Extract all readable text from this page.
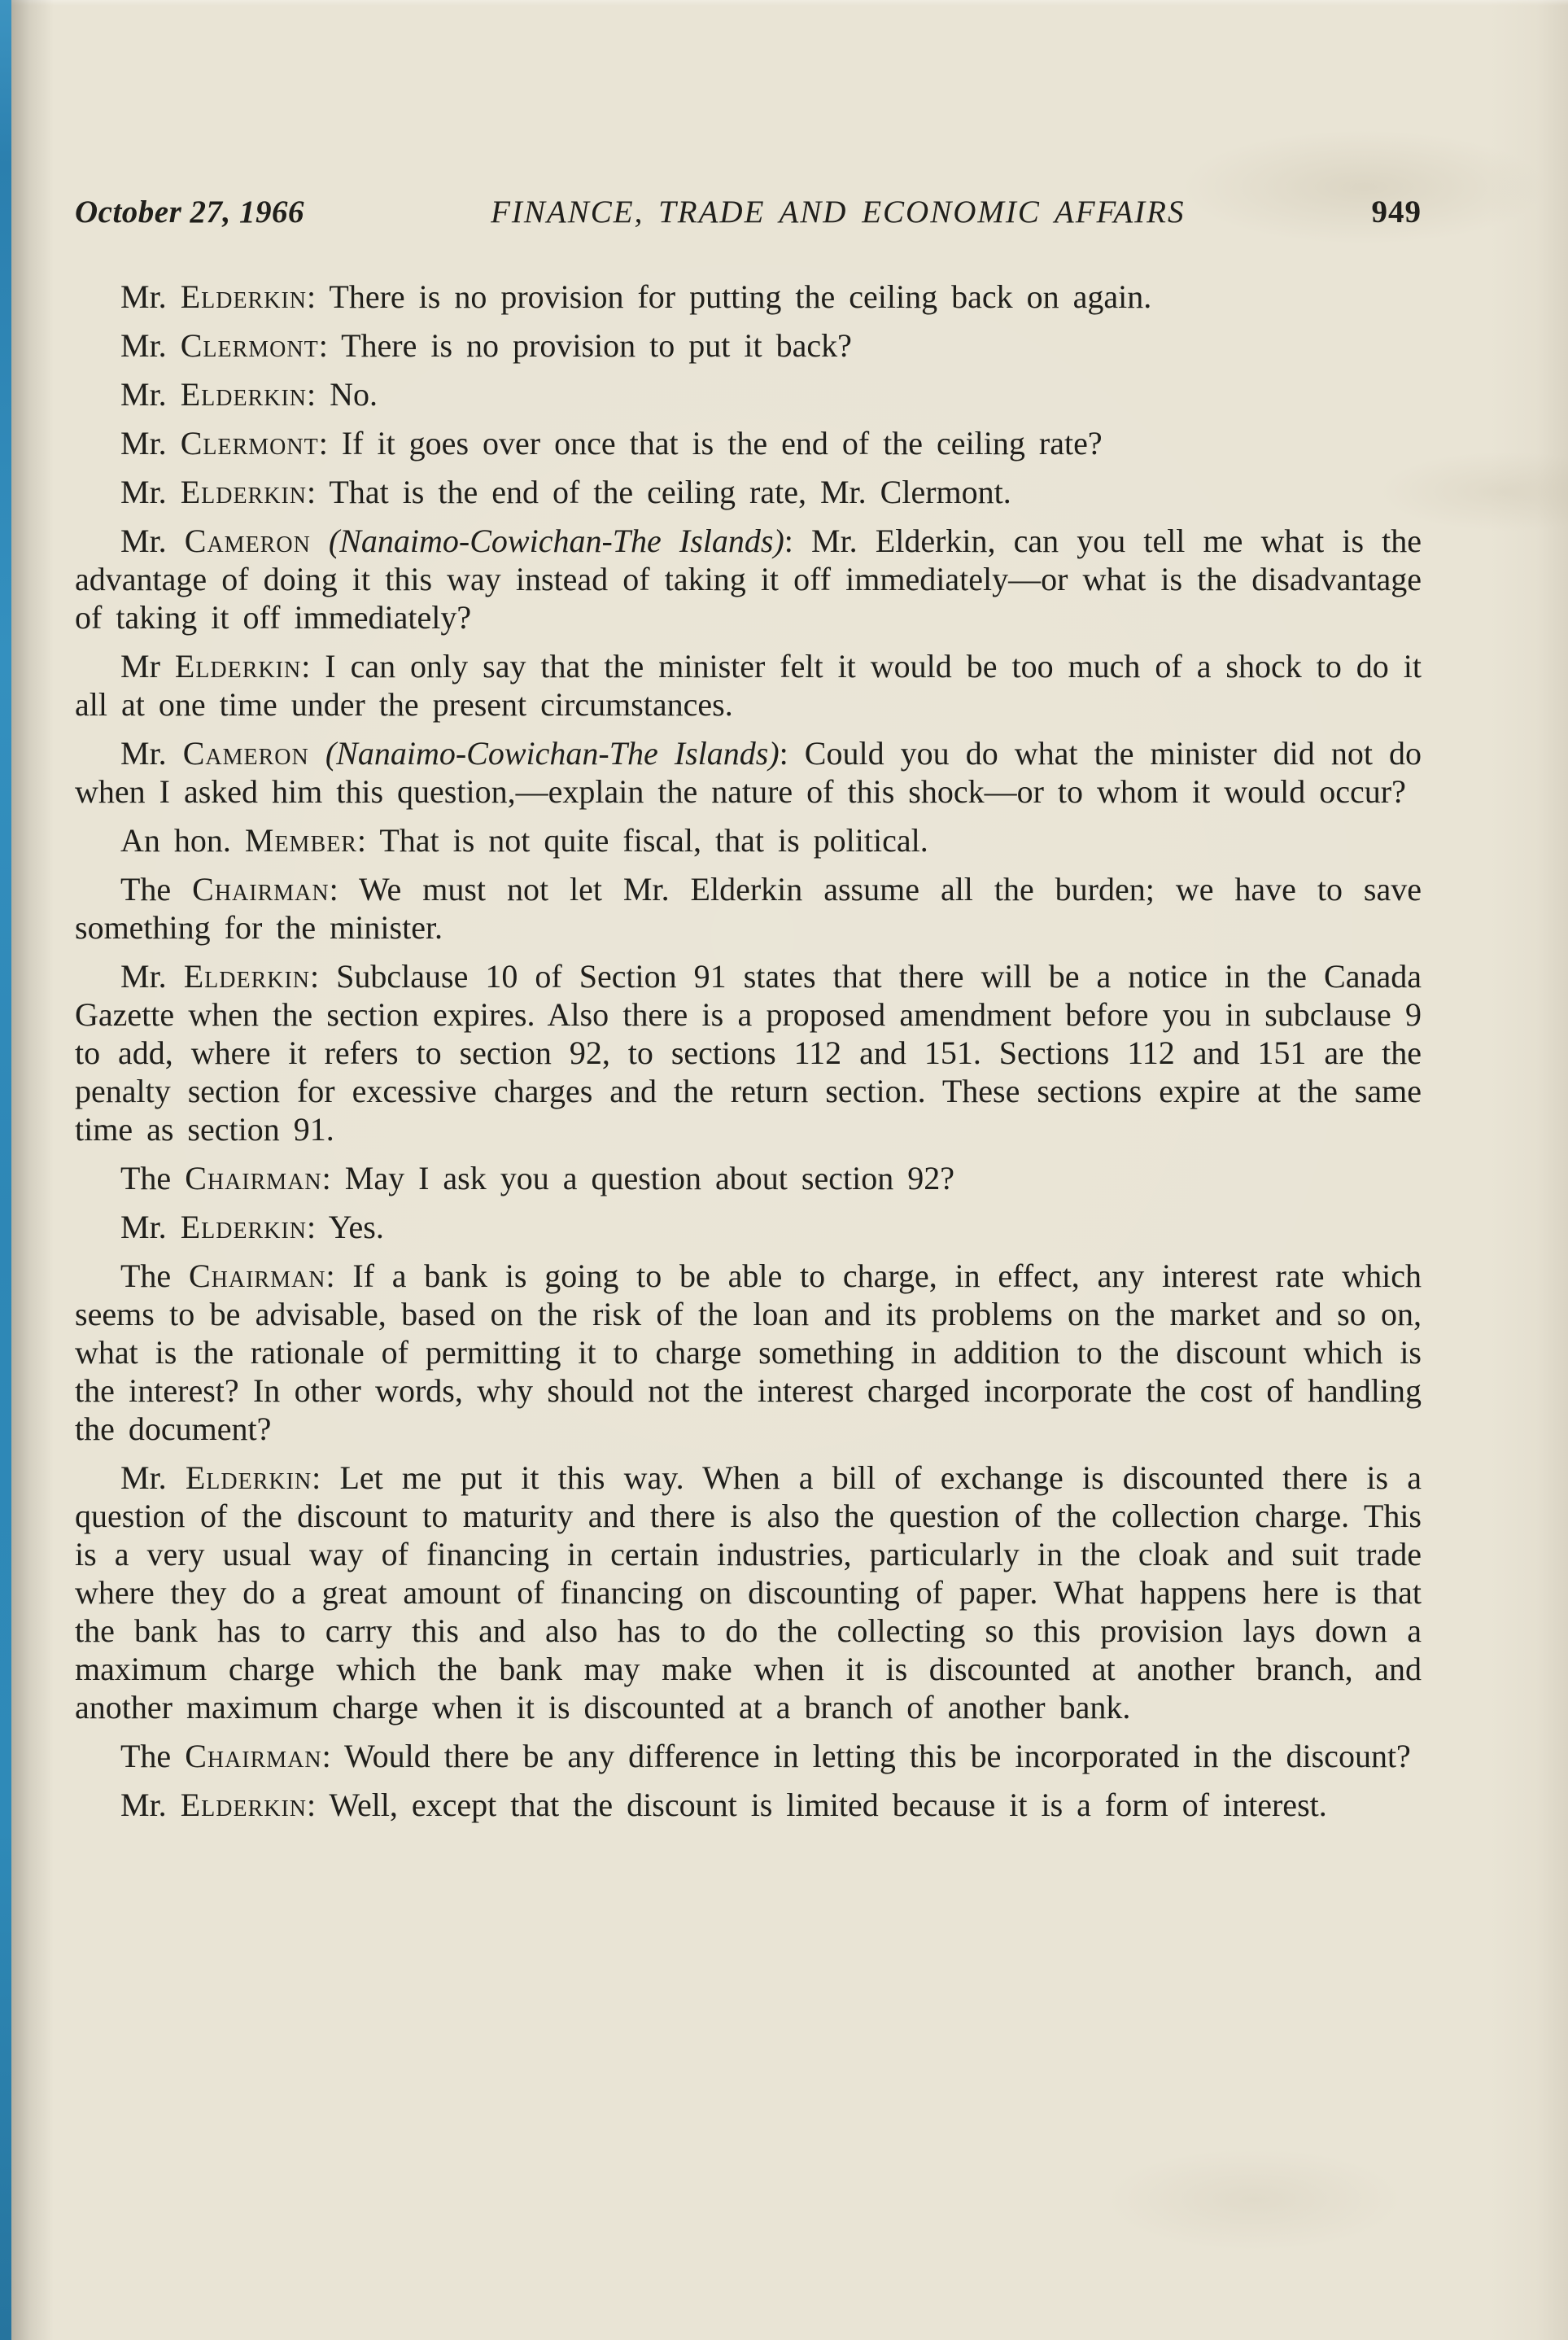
October 27, 1966	FINANCE, TRADE AND ECONOMIC AFFAIRS	949

Mr. Elderkin: There is no provision for putting the ceiling back on again.

Mr. Clermont: There is no provision to put it back?

Mr. Elderkin: No.

Mr. Clermont: If it goes over once that is the end of the ceiling rate?

Mr. Elderkin: That is the end of the ceiling rate, Mr. Clermont.

Mr. Cameron (Nanaimo-Cowichan-The Islands): Mr. Elderkin, can you tell me what is the advantage of doing it this way instead of taking it off immediately—or what is the disadvantage of taking it off immediately?

Mr Elderkin: I can only say that the minister felt it would be too much of a shock to do it all at one time under the present circumstances.

Mr. Cameron (Nanaimo-Cowichan-The Islands): Could you do what the minister did not do when I asked him this question,—explain the nature of this shock—or to whom it would occur?

An hon. Member: That is not quite fiscal, that is political.

The Chairman: We must not let Mr. Elderkin assume all the burden; we have to save something for the minister.

Mr. Elderkin: Subclause 10 of Section 91 states that there will be a notice in the Canada Gazette when the section expires. Also there is a proposed amendment before you in subclause 9 to add, where it refers to section 92, to sections 112 and 151. Sections 112 and 151 are the penalty section for excessive charges and the return section. These sections expire at the same time as section 91.

The Chairman: May I ask you a question about section 92?

Mr. Elderkin: Yes.

The Chairman: If a bank is going to be able to charge, in effect, any interest rate which seems to be advisable, based on the risk of the loan and its problems on the market and so on, what is the rationale of permitting it to charge something in addition to the discount which is the interest? In other words, why should not the interest charged incorporate the cost of handling the document?

Mr. Elderkin: Let me put it this way. When a bill of exchange is discounted there is a question of the discount to maturity and there is also the question of the collection charge. This is a very usual way of financing in certain industries, particularly in the cloak and suit trade where they do a great amount of financing on discounting of paper. What happens here is that the bank has to carry this and also has to do the collecting so this provision lays down a maximum charge which the bank may make when it is discounted at another branch, and another maximum charge when it is discounted at a branch of another bank.

The Chairman: Would there be any difference in letting this be incorporated in the discount?

Mr. Elderkin: Well, except that the discount is limited because it is a form of interest.
